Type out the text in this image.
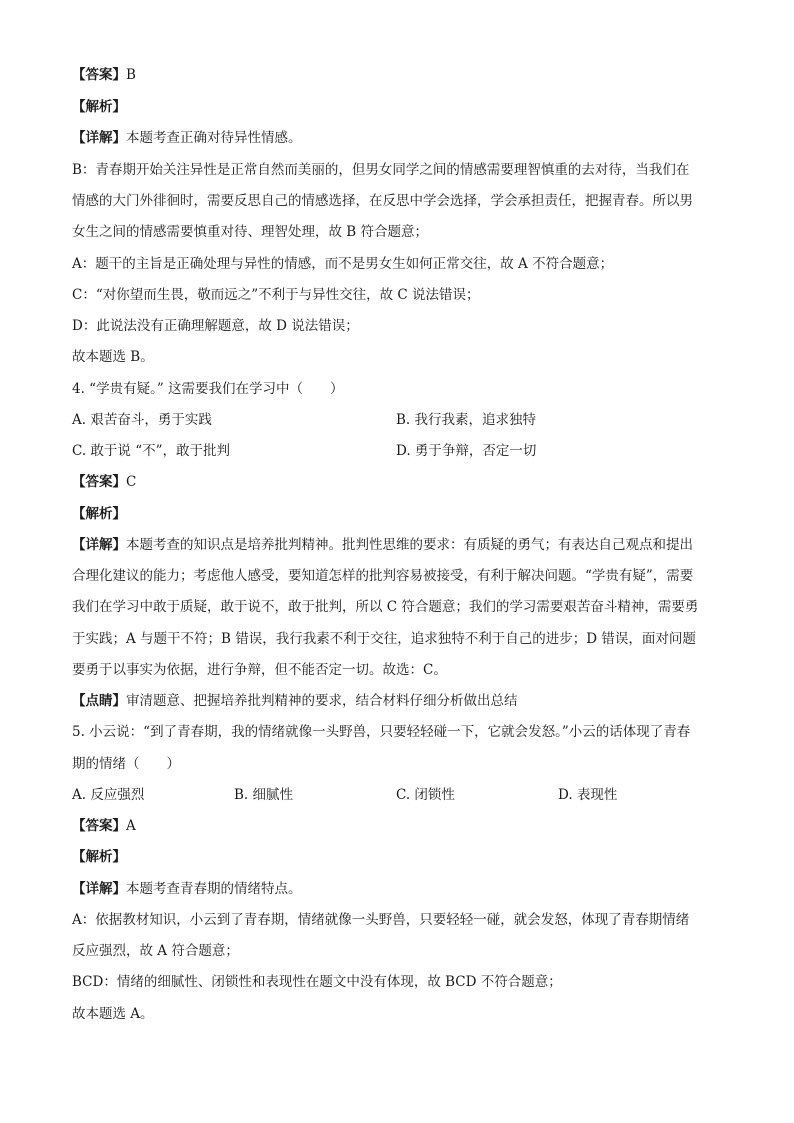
【答案】B
【解析】
【详解】本题考查正确对待异性情感。
B：青春期开始关注异性是正常自然而美丽的，但男女同学之间的情感需要理智慎重的去对待，当我们在
情感的大门外徘徊时，需要反思自己的情感选择，在反思中学会选择，学会承担责任，把握青春。所以男
女生之间的情感需要慎重对待、理智处理，故 B 符合题意；
A：题干的主旨是正确处理与异性的情感，而不是男女生如何正常交往，故 A 不符合题意；
C：“对你望而生畏，敬而远之”不利于与异性交往，故 C 说法错误；
D：此说法没有正确理解题意，故 D 说法错误；
故本题选 B。
4. “学贵有疑。” 这需要我们在学习中（　　）
A. 艰苦奋斗，勇于实践	B. 我行我素，追求独特
C. 敢于说 “不”，敢于批判	D. 勇于争辩，否定一切
【答案】C
【解析】
【详解】本题考查的知识点是培养批判精神。批判性思维的要求：有质疑的勇气；有表达自己观点和提出
合理化建议的能力；考虑他人感受，要知道怎样的批判容易被接受，有利于解决问题。“学贵有疑”，需要
我们在学习中敢于质疑，敢于说不，敢于批判，所以 C 符合题意；我们的学习需要艰苦奋斗精神，需要勇
于实践；A 与题干不符；B 错误，我行我素不利于交往，追求独特不利于自己的进步；D 错误，面对问题
要勇于以事实为依据，进行争辩，但不能否定一切。故选：C。
【点睛】审清题意、把握培养批判精神的要求，结合材料仔细分析做出总结
5. 小云说：“到了青春期，我的情绪就像一头野兽，只要轻轻碰一下，它就会发怒。”小云的话体现了青春
期的情绪（　　）
A. 反应强烈	B. 细腻性	C. 闭锁性	D. 表现性
【答案】A
【解析】
【详解】本题考查青春期的情绪特点。
A：依据教材知识，小云到了青春期，情绪就像一头野兽，只要轻轻一碰，就会发怒，体现了青春期情绪
反应强烈，故 A 符合题意；
BCD：情绪的细腻性、闭锁性和表现性在题文中没有体现，故 BCD 不符合题意；
故本题选 A。
